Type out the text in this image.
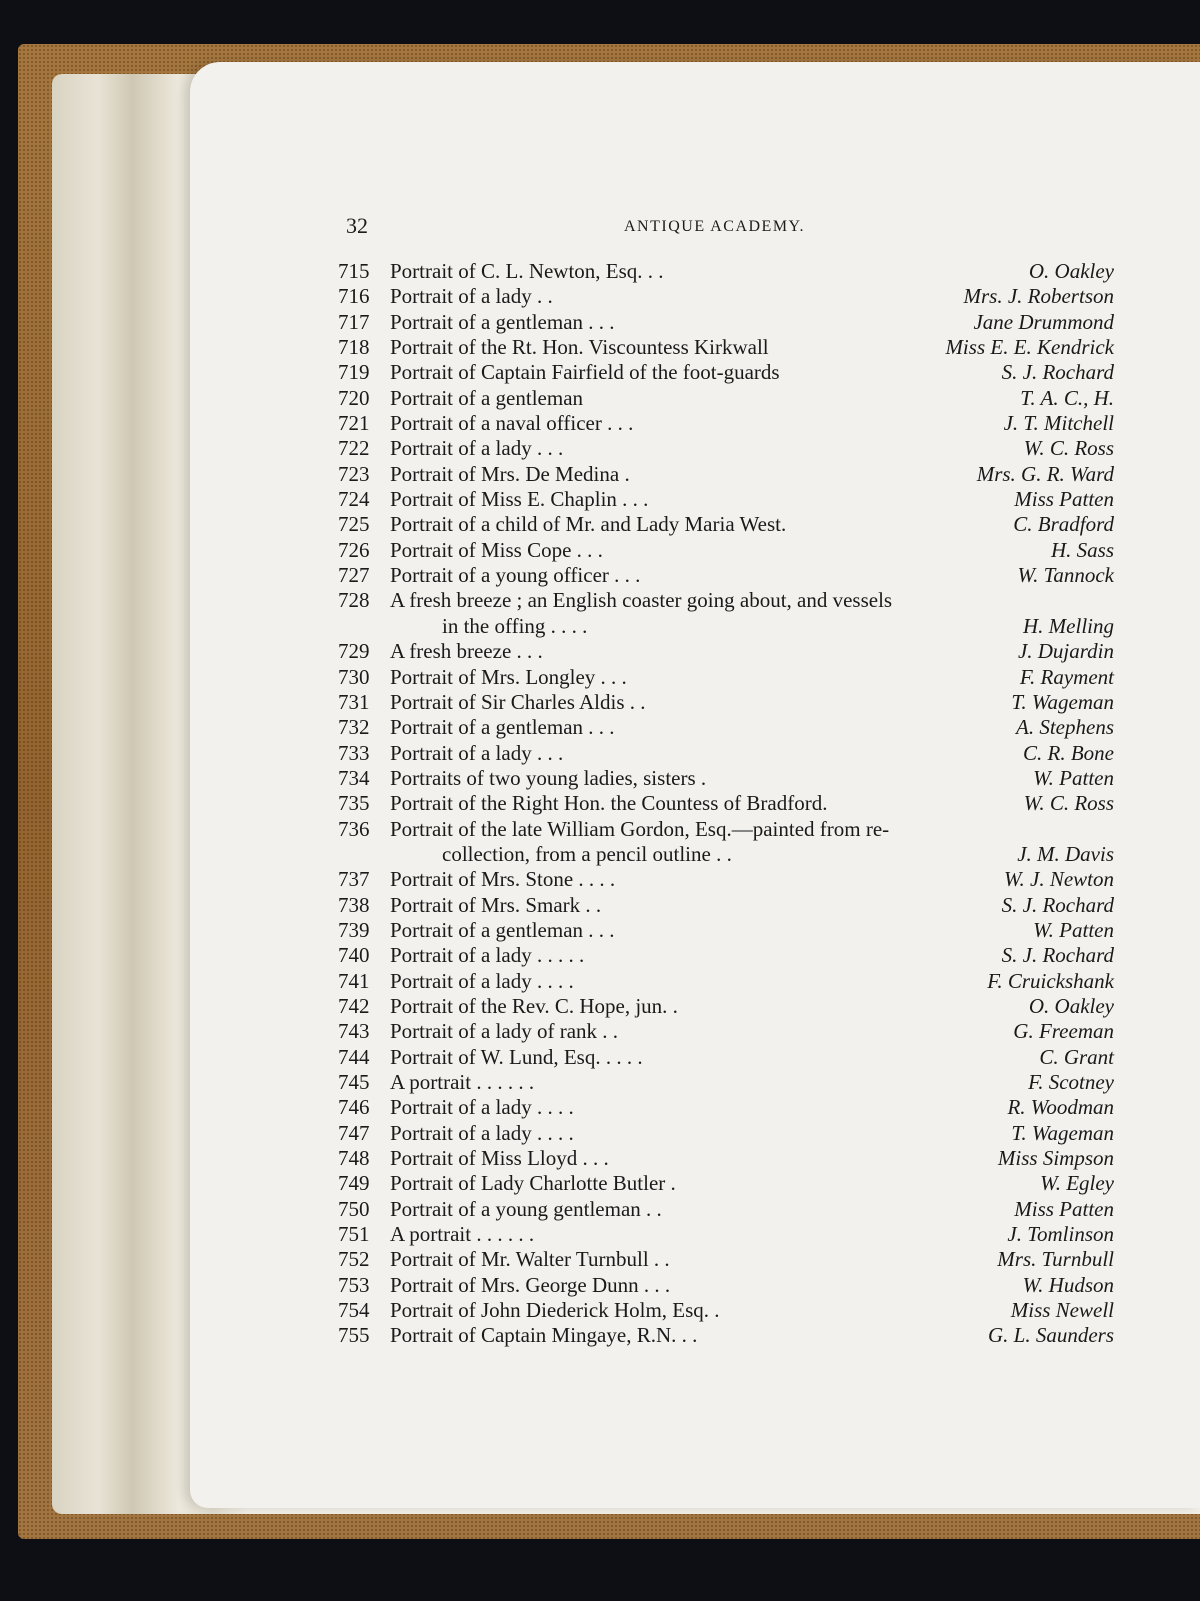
32	ANTIQUE ACADEMY.
715 Portrait of C. L. Newton, Esq. . .	O. Oakley
716 Portrait of a lady . .	Mrs. J. Robertson
717 Portrait of a gentleman . . .	Jane Drummond
718 Portrait of the Rt. Hon. Viscountess Kirkwall	Miss E. E. Kendrick
719 Portrait of Captain Fairfield of the foot-guards	S. J. Rochard
720 Portrait of a gentleman	T. A. C., H.
721 Portrait of a naval officer . . .	J. T. Mitchell
722 Portrait of a lady . . .	W. C. Ross
723 Portrait of Mrs. De Medina .	Mrs. G. R. Ward
724 Portrait of Miss E. Chaplin . . .	Miss Patten
725 Portrait of a child of Mr. and Lady Maria West.	C. Bradford
726 Portrait of Miss Cope . . .	H. Sass
727 Portrait of a young officer . . .	W. Tannock
728 A fresh breeze ; an English coaster going about, and vessels
in the offing . . . .	H. Melling
729 A fresh breeze . . .	J. Dujardin
730 Portrait of Mrs. Longley . . .	F. Rayment
731 Portrait of Sir Charles Aldis . .	T. Wageman
732 Portrait of a gentleman . . .	A. Stephens
733 Portrait of a lady . . .	C. R. Bone
734 Portraits of two young ladies, sisters .	W. Patten
735 Portrait of the Right Hon. the Countess of Bradford.	W. C. Ross
736 Portrait of the late William Gordon, Esq.—painted from re-
collection, from a pencil outline . .	J. M. Davis
737 Portrait of Mrs. Stone . . . .	W. J. Newton
738 Portrait of Mrs. Smark . .	S. J. Rochard
739 Portrait of a gentleman . . .	W. Patten
740 Portrait of a lady . . . . .	S. J. Rochard
741 Portrait of a lady . . . .	F. Cruickshank
742 Portrait of the Rev. C. Hope, jun. .	O. Oakley
743 Portrait of a lady of rank . .	G. Freeman
744 Portrait of W. Lund, Esq. . . . .	C. Grant
745 A portrait . . . . . .	F. Scotney
746 Portrait of a lady . . . .	R. Woodman
747 Portrait of a lady . . . .	T. Wageman
748 Portrait of Miss Lloyd . . .	Miss Simpson
749 Portrait of Lady Charlotte Butler .	W. Egley
750 Portrait of a young gentleman . .	Miss Patten
751 A portrait . . . . . .	J. Tomlinson
752 Portrait of Mr. Walter Turnbull . .	Mrs. Turnbull
753 Portrait of Mrs. George Dunn . . .	W. Hudson
754 Portrait of John Diederick Holm, Esq. .	Miss Newell
755 Portrait of Captain Mingaye, R.N. . .	G. L. Saunders
